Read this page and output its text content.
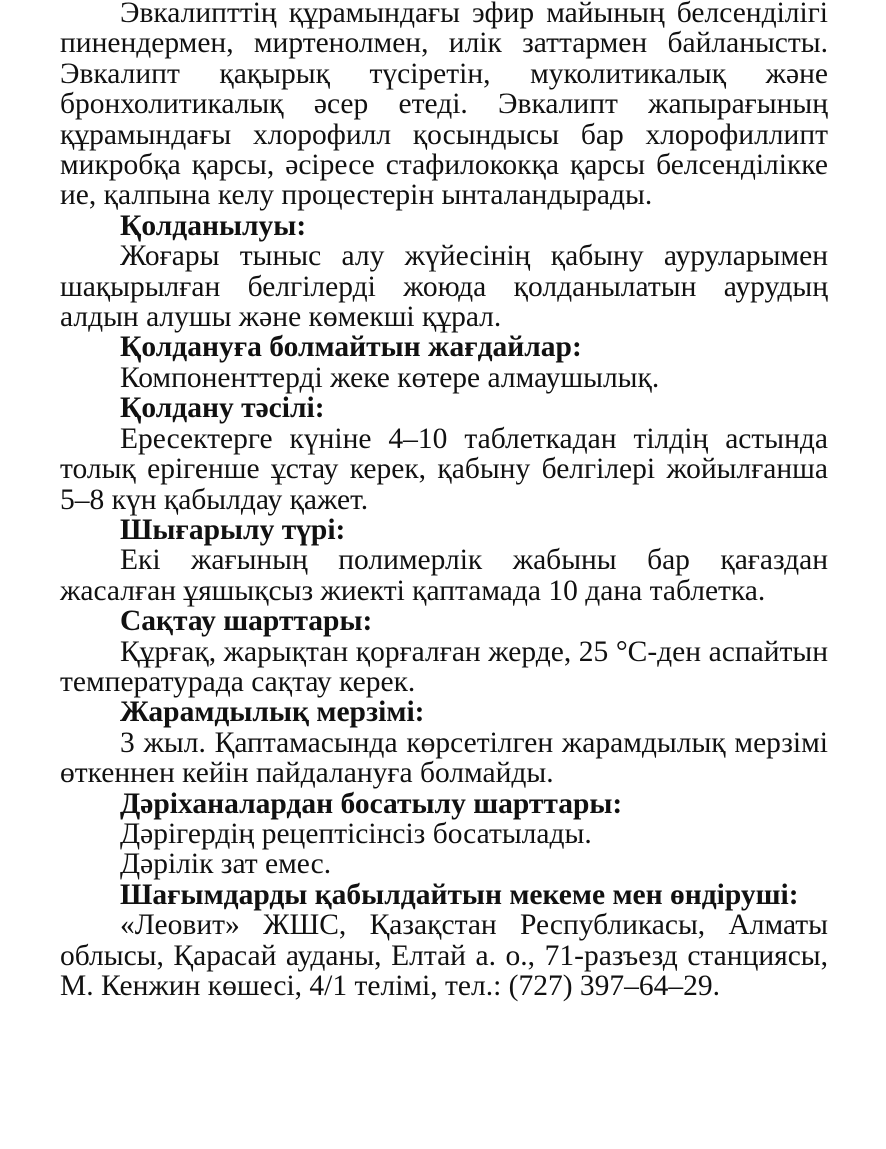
Эвкалипттің құрамындағы эфир майының белсенділігі пинендермен, миртенолмен, илік заттармен байланысты. Эвкалипт қақырық түсіретін, муколитикалық және бронхолитикалық әсер етеді. Эвкалипт жапырағының құрамындағы хлорофилл қосындысы бар хлорофиллипт микробқа қарсы, әсіресе стафилококқа қарсы белсенділікке ие, қалпына келу процестерін ынталандырады.

Қолданылуы:

Жоғары тыныс алу жүйесінің қабыну ауруларымен шақырылған белгілерді жоюда қолданылатын аурудың алдын алушы және көмекші құрал.

Қолдануға болмайтын жағдайлар:

Компоненттерді жеке көтере алмаушылық.

Қолдану тәсілі:

Ересектерге күніне 4–10 таблеткадан тілдің астында толық ерігенше ұстау керек, қабыну белгілері жойылғанша 5–8 күн қабылдау қажет.

Шығарылу түрі:

Екі жағының полимерлік жабыны бар қағаздан жасалған ұяшықсыз жиекті қаптамада 10 дана таблетка.

Сақтау шарттары:

Құрғақ, жарықтан қорғалған жерде, 25 °С-ден аспайтын температурада сақтау керек.

Жарамдылық мерзімі:

3 жыл. Қаптамасында көрсетілген жарамдылық мерзімі өткеннен кейін пайдалануға болмайды.

Дәріханалардан босатылу шарттары:

Дәрігердің рецептісінсіз босатылады.

Дәрілік зат емес.

Шағымдарды қабылдайтын мекеме мен өндіруші:

«Леовит» ЖШС, Қазақстан Республикасы, Алматы облысы, Қарасай ауданы, Елтай а. о., 71-разъезд станциясы, М. Кенжин көшесі, 4/1 телімі, тел.: (727) 397–64–29.
